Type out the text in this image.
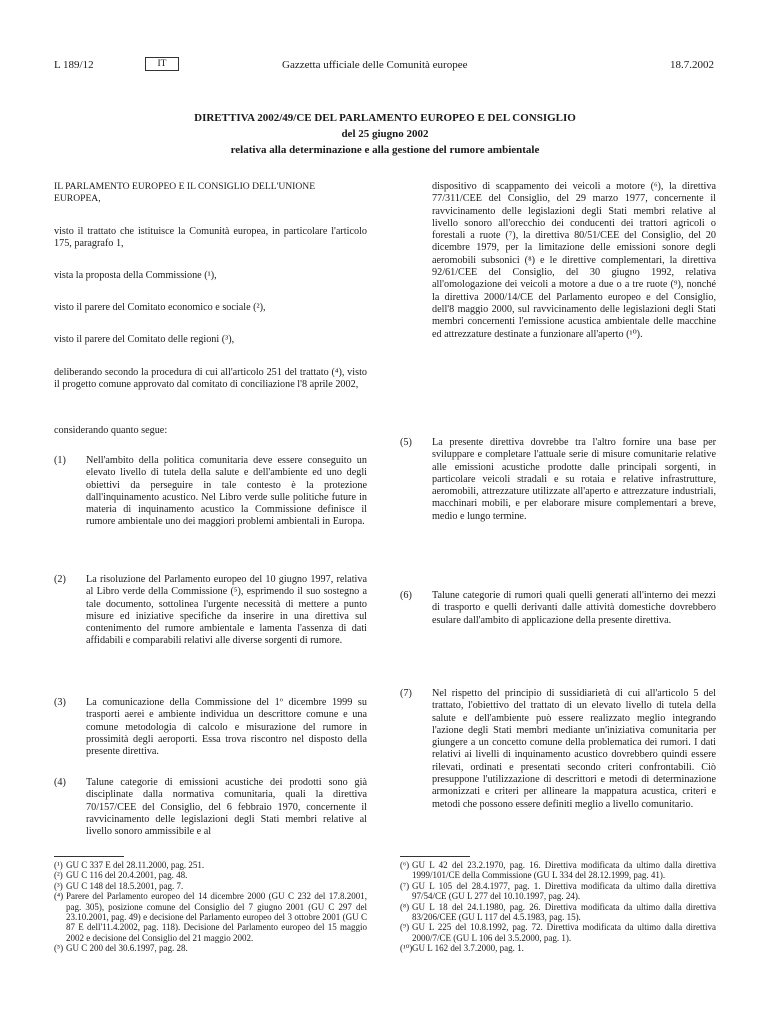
L 189/12	IT	Gazzetta ufficiale delle Comunità europee	18.7.2002
DIRETTIVA 2002/49/CE DEL PARLAMENTO EUROPEO E DEL CONSIGLIO
del 25 giugno 2002
relativa alla determinazione e alla gestione del rumore ambientale

IL PARLAMENTO EUROPEO E IL CONSIGLIO DELL'UNIONE EUROPEA,

visto il trattato che istituisce la Comunità europea, in particolare l'articolo 175, paragrafo 1,

vista la proposta della Commissione (¹),

visto il parere del Comitato economico e sociale (²),

visto il parere del Comitato delle regioni (³),

deliberando secondo la procedura di cui all'articolo 251 del trattato (⁴), visto il progetto comune approvato dal comitato di conciliazione l'8 aprile 2002,

considerando quanto segue:

(1) Nell'ambito della politica comunitaria deve essere conseguito un elevato livello di tutela della salute e dell'ambiente ed uno degli obiettivi da perseguire in tale contesto è la protezione dall'inquinamento acustico. Nel Libro verde sulle politiche future in materia di inquinamento acustico la Commissione definisce il rumore ambientale uno dei maggiori problemi ambientali in Europa.

(2) La risoluzione del Parlamento europeo del 10 giugno 1997, relativa al Libro verde della Commissione (⁵), esprimendo il suo sostegno a tale documento, sottolinea l'urgente necessità di mettere a punto misure ed iniziative specifiche da inserire in una direttiva sul contenimento del rumore ambientale e lamenta l'assenza di dati affidabili e comparabili relativi alle diverse sorgenti di rumore.

(3) La comunicazione della Commissione del 1º dicembre 1999 su trasporti aerei e ambiente individua un descrittore comune e una comune metodologia di calcolo e misurazione del rumore in prossimità degli aeroporti. Essa trova riscontro nel disposto della presente direttiva.

(4) Talune categorie di emissioni acustiche dei prodotti sono già disciplinate dalla normativa comunitaria, quali la direttiva 70/157/CEE del Consiglio, del 6 febbraio 1970, concernente il ravvicinamento delle legislazioni degli Stati membri relative al livello sonoro ammissibile e al

dispositivo di scappamento dei veicoli a motore (⁶), la direttiva 77/311/CEE del Consiglio, del 29 marzo 1977, concernente il ravvicinamento delle legislazioni degli Stati membri relative al livello sonoro all'orecchio dei conducenti dei trattori agricoli o forestali a ruote (⁷), la direttiva 80/51/CEE del Consiglio, del 20 dicembre 1979, per la limitazione delle emissioni sonore degli aeromobili subsonici (⁸) e le direttive complementari, la direttiva 92/61/CEE del Consiglio, del 30 giugno 1992, relativa all'omologazione dei veicoli a motore a due o a tre ruote (⁹), nonché la direttiva 2000/14/CE del Parlamento europeo e del Consiglio, dell'8 maggio 2000, sul ravvicinamento delle legislazioni degli Stati membri concernenti l'emissione acustica ambientale delle macchine ed attrezzature destinate a funzionare all'aperto (¹⁰).

(5) La presente direttiva dovrebbe tra l'altro fornire una base per sviluppare e completare l'attuale serie di misure comunitarie relative alle emissioni acustiche prodotte dalle principali sorgenti, in particolare veicoli stradali e su rotaia e relative infrastrutture, aeromobili, attrezzature utilizzate all'aperto e attrezzature industriali, macchinari mobili, e per elaborare misure complementari a breve, medio e lungo termine.

(6) Talune categorie di rumori quali quelli generati all'interno dei mezzi di trasporto e quelli derivanti dalle attività domestiche dovrebbero esulare dall'ambito di applicazione della presente direttiva.

(7) Nel rispetto del principio di sussidiarietà di cui all'articolo 5 del trattato, l'obiettivo del trattato di un elevato livello di tutela della salute e dell'ambiente può essere realizzato meglio integrando l'azione degli Stati membri mediante un'iniziativa comunitaria per giungere a un concetto comune della problematica dei rumori. I dati relativi ai livelli di inquinamento acustico dovrebbero quindi essere rilevati, ordinati e presentati secondo criteri confrontabili. Ciò presuppone l'utilizzazione di descrittori e metodi di determinazione armonizzati e criteri per allineare la mappatura acustica, criteri e metodi che possono essere definiti meglio a livello comunitario.

(¹) GU C 337 E del 28.11.2000, pag. 251.
(²) GU C 116 del 20.4.2001, pag. 48.
(³) GU C 148 del 18.5.2001, pag. 7.
(⁴) Parere del Parlamento europeo del 14 dicembre 2000 (GU C 232 del 17.8.2001, pag. 305), posizione comune del Consiglio del 7 giugno 2001 (GU C 297 del 23.10.2001, pag. 49) e decisione del Parlamento europeo del 3 ottobre 2001 (GU C 87 E dell'11.4.2002, pag. 118). Decisione del Parlamento europeo del 15 maggio 2002 e decisione del Consiglio del 21 maggio 2002.
(⁵) GU C 200 del 30.6.1997, pag. 28.
(⁶) GU L 42 del 23.2.1970, pag. 16. Direttiva modificata da ultimo dalla direttiva 1999/101/CE della Commissione (GU L 334 del 28.12.1999, pag. 41).
(⁷) GU L 105 del 28.4.1977, pag. 1. Direttiva modificata da ultimo dalla direttiva 97/54/CE (GU L 277 del 10.10.1997, pag. 24).
(⁸) GU L 18 del 24.1.1980, pag. 26. Direttiva modificata da ultimo dalla direttiva 83/206/CEE (GU L 117 del 4.5.1983, pag. 15).
(⁹) GU L 225 del 10.8.1992, pag. 72. Direttiva modificata da ultimo dalla direttiva 2000/7/CE (GU L 106 del 3.5.2000, pag. 1).
(¹⁰)GU L 162 del 3.7.2000, pag. 1.
